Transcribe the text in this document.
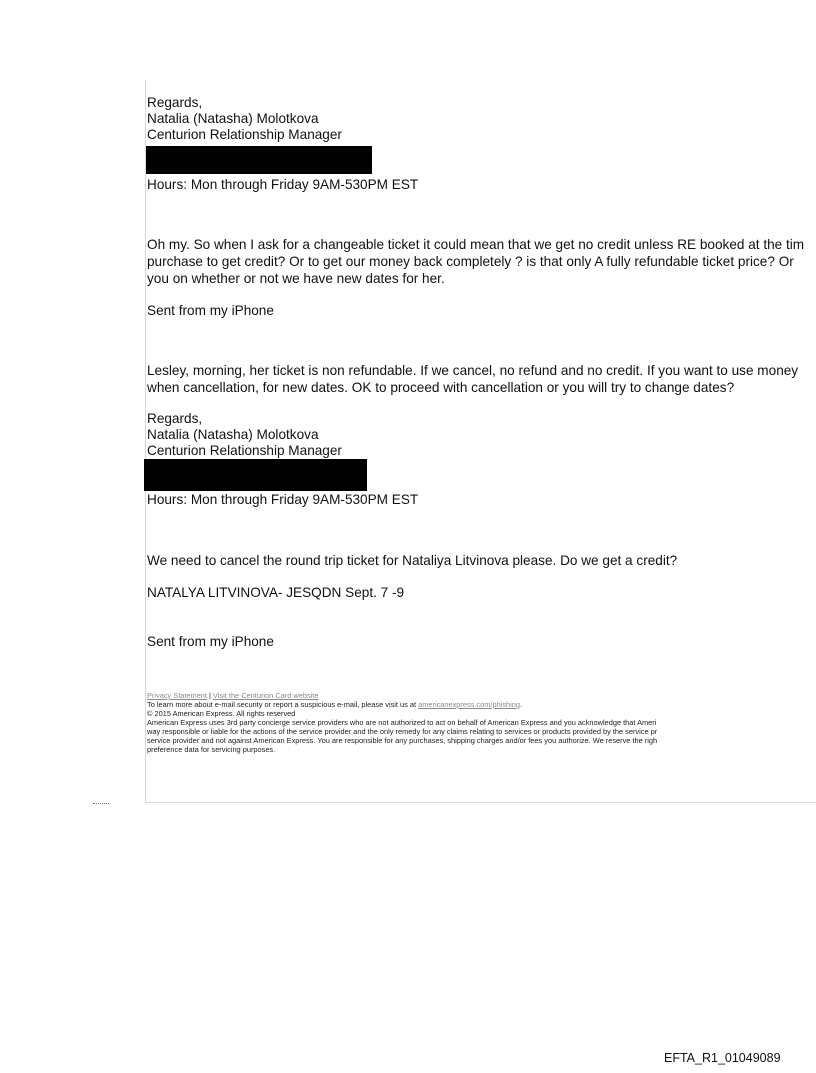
Regards,
Natalia (Natasha) Molotkova
Centurion Relationship Manager
Hours: Mon through Friday 9AM-530PM EST
Oh my. So when I ask for a changeable ticket it could mean that we get no credit unless RE booked at the tim
purchase to get credit? Or to get our money back completely ? is that only A fully refundable ticket price? Or
you on whether or not we have new dates for her.
Sent from my iPhone
Lesley, morning, her ticket is non refundable. If we cancel, no refund and no credit. If you want to use money
when cancellation, for new dates. OK to proceed with cancellation or you will try to change dates?
Regards,
Natalia (Natasha) Molotkova
Centurion Relationship Manager
Hours: Mon through Friday 9AM-530PM EST
We need to cancel the round trip ticket for Nataliya Litvinova please. Do we get a credit?
NATALYA LITVINOVA- JESQDN Sept. 7 -9
Sent from my iPhone
Privacy Statement | Visit the Centurion Card website
To learn more about e-mail security or report a suspicious e-mail, please visit us at americanexpress.com/phishing.
© 2015 American Express. All rights reserved
American Express uses 3rd party concierge service providers who are not authorized to act on behalf of American Express and you acknowledge that Ameri
way responsible or liable for the actions of the service provider and the only remedy for any claims relating to services or products provided by the service pr
service provider and not against American Express. You are responsible for any purchases, shipping charges and/or fees you authorize. We reserve the righ
preference data for servicing purposes.
EFTA_R1_01049089
